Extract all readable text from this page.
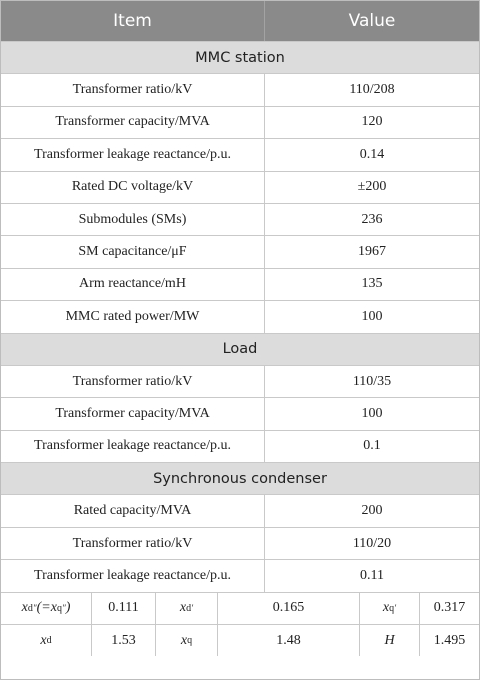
Item	Value
MMC station
Transformer ratio/kV	110/208
Transformer capacity/MVA	120
Transformer leakage reactance/p.u.	0.14
Rated DC voltage/kV	±200
Submodules (SMs)	236
SM capacitance/μF	1967
Arm reactance/mH	135
MMC rated power/MW	100
Load
Transformer ratio/kV	110/35
Transformer capacity/MVA	100
Transformer leakage reactance/p.u.	0.1
Synchronous condenser
Rated capacity/MVA	200
Transformer ratio/kV	110/20
Transformer leakage reactance/p.u.	0.11
x d ″ (=x q ″ )	0.111	x d ′	0.165	x q ′	0.317
x d	1.53	x q	1.48	H	1.495
